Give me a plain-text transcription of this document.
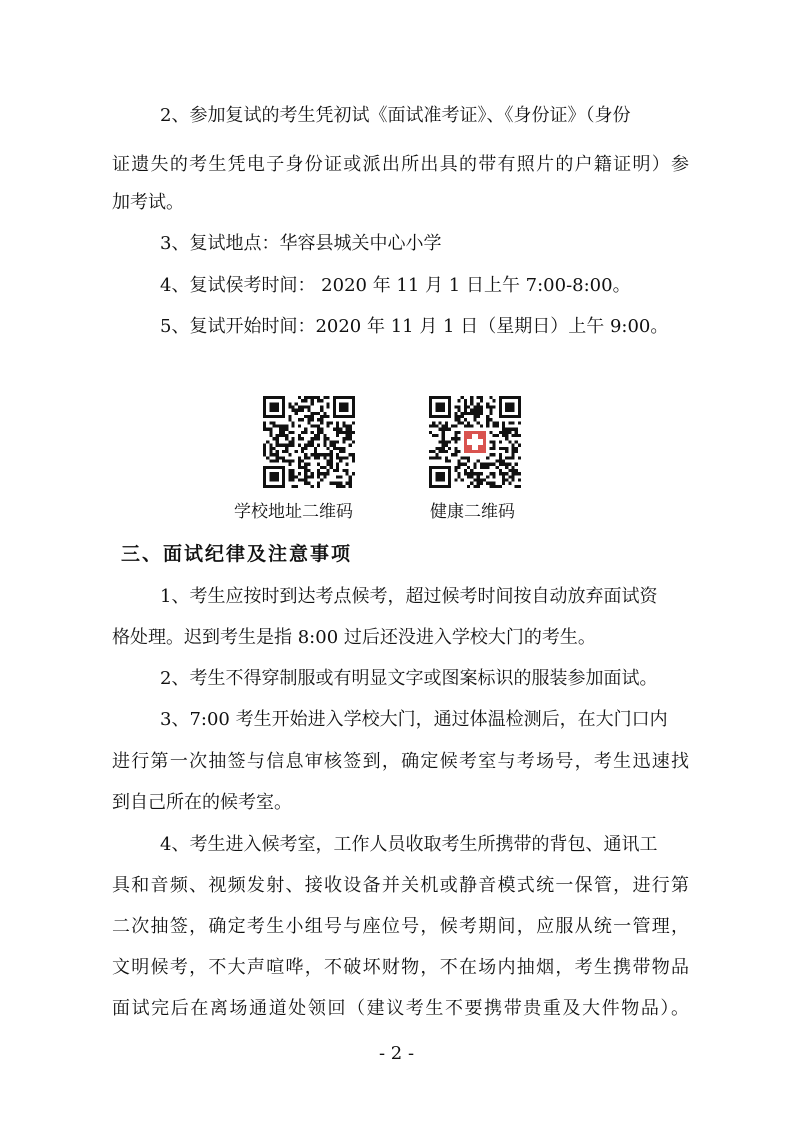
2、参加复试的考生凭初试《面试准考证》、《身份证》（身份
证遗失的考生凭电子身份证或派出所出具的带有照片的户籍证明）参
加考试。
3、复试地点：华容县城关中心小学
4、复试侯考时间： 2020 年 11 月 1 日上午 7:00-8:00。
5、复试开始时间：2020 年 11 月 1 日（星期日）上午 9:00。
学校地址二维码	健康二维码
三、面试纪律及注意事项
1、考生应按时到达考点候考，超过候考时间按自动放弃面试资
格处理。迟到考生是指 8:00 过后还没进入学校大门的考生。
2、考生不得穿制服或有明显文字或图案标识的服装参加面试。
3、7:00 考生开始进入学校大门，通过体温检测后，在大门口内
进行第一次抽签与信息审核签到，确定候考室与考场号，考生迅速找
到自己所在的候考室。
4、考生进入候考室，工作人员收取考生所携带的背包、通讯工
具和音频、视频发射、接收设备并关机或静音模式统一保管，进行第
二次抽签，确定考生小组号与座位号，候考期间，应服从统一管理，
文明候考，不大声喧哗，不破坏财物，不在场内抽烟，考生携带物品
面试完后在离场通道处领回（建议考生不要携带贵重及大件物品）。
- 2 -
